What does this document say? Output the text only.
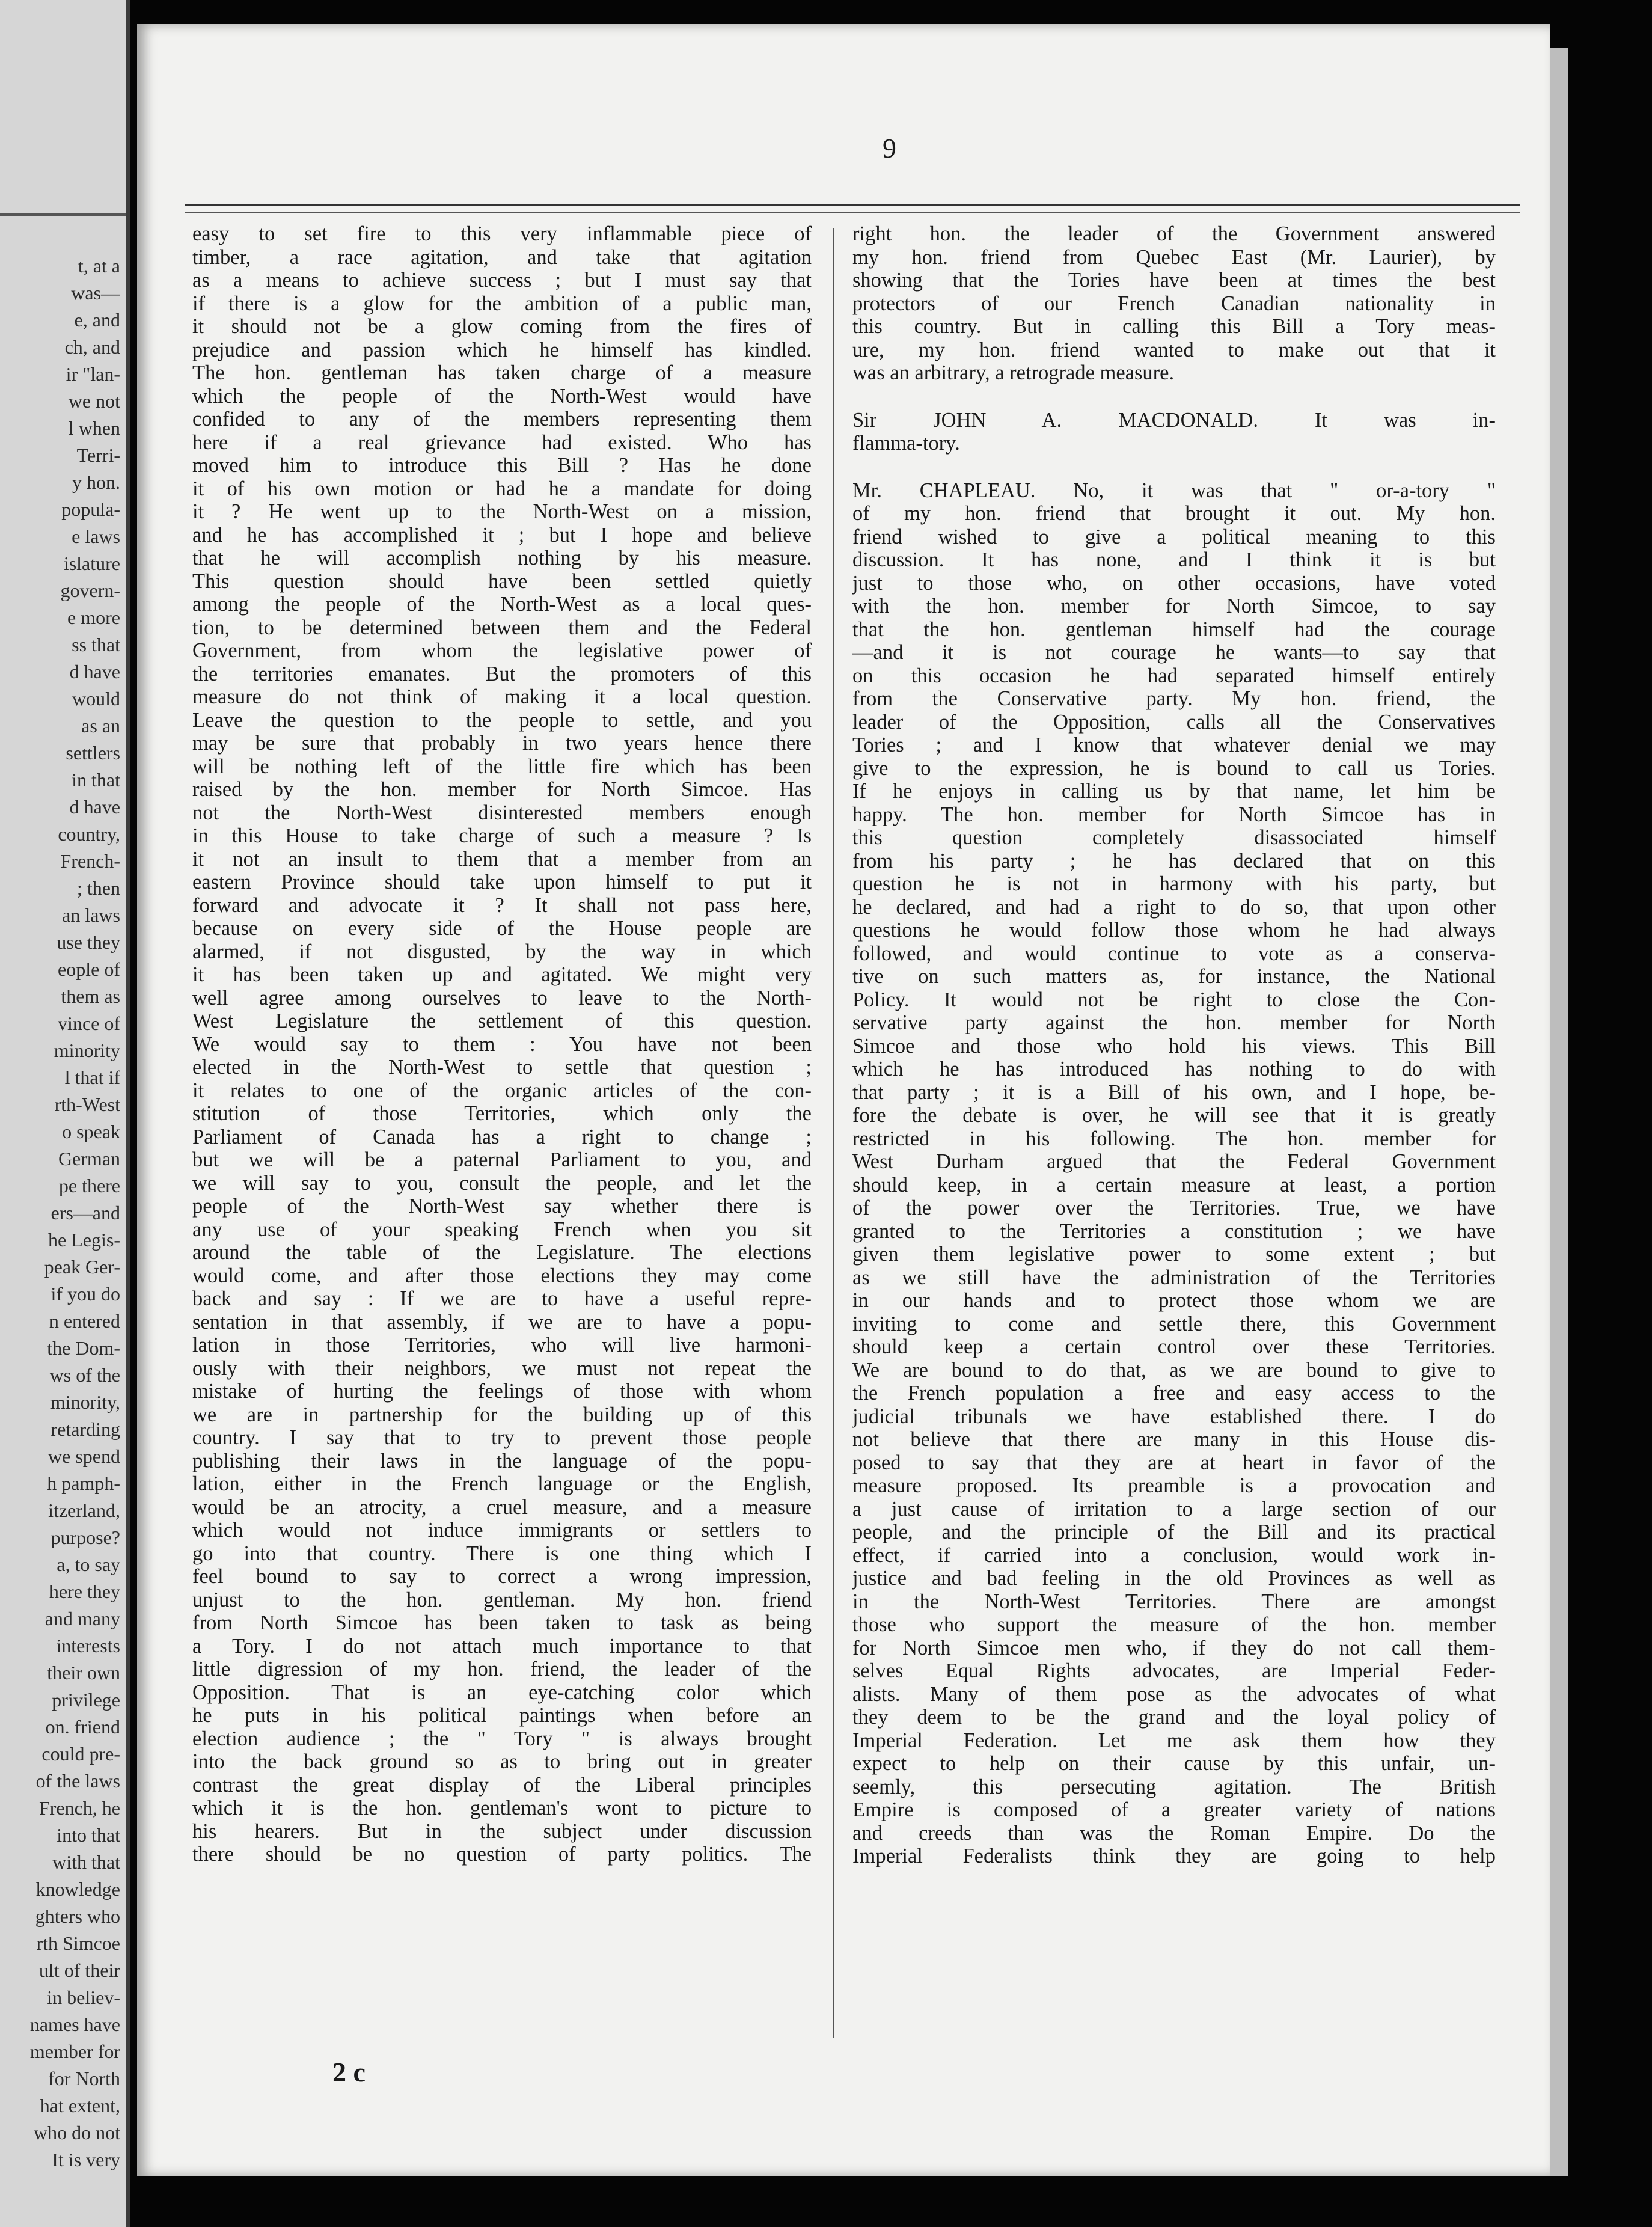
t, at a
was—
e, and
ch, and
ir "lan-
we not
l when
Terri-
y hon.
popula-
e laws
islature
govern-
e more
ss that
d have
would
as an
settlers
in that
d have
country,
French-
; then
an laws
use they
eople of
them as
vince of
minority
l that if
rth-West
o speak
German
pe there
ers—and
he Legis-
peak Ger-
if you do
n entered
the Dom-
ws of the
minority,
retarding
we spend
h pamph-
itzerland,
purpose?
a, to say
here they
and many
interests
their own
privilege
on. friend
could pre-
of the laws
French, he
into that
with that
knowledge
ghters who
rth Simcoe
ult of their
in believ-
names have
member for
for North
hat extent,
who do not
It is very
9
easy to set fire to this very inflammable piece of
timber, a race agitation, and take that agitation
as a means to achieve success ; but I must say that
if there is a glow for the ambition of a public man,
it should not be a glow coming from the fires of
prejudice and passion which he himself has kindled.
The hon. gentleman has taken charge of a measure
which the people of the North-West would have
confided to any of the members representing them
here if a real grievance had existed. Who has
moved him to introduce this Bill ? Has he done
it of his own motion or had he a mandate for doing
it ? He went up to the North-West on a mission,
and he has accomplished it ; but I hope and believe
that he will accomplish nothing by his measure.
This question should have been settled quietly
among the people of the North-West as a local ques-
tion, to be determined between them and the Federal
Government, from whom the legislative power of
the territories emanates. But the promoters of this
measure do not think of making it a local question.
Leave the question to the people to settle, and you
may be sure that probably in two years hence there
will be nothing left of the little fire which has been
raised by the hon. member for North Simcoe. Has
not the North-West disinterested members enough
in this House to take charge of such a measure ? Is
it not an insult to them that a member from an
eastern Province should take upon himself to put it
forward and advocate it ? It shall not pass here,
because on every side of the House people are
alarmed, if not disgusted, by the way in which
it has been taken up and agitated. We might very
well agree among ourselves to leave to the North-
West Legislature the settlement of this question.
We would say to them : You have not been
elected in the North-West to settle that question ;
it relates to one of the organic articles of the con-
stitution of those Territories, which only the
Parliament of Canada has a right to change ;
but we will be a paternal Parliament to you, and
we will say to you, consult the people, and let the
people of the North-West say whether there is
any use of your speaking French when you sit
around the table of the Legislature. The elections
would come, and after those elections they may come
back and say : If we are to have a useful repre-
sentation in that assembly, if we are to have a popu-
lation in those Territories, who will live harmoni-
ously with their neighbors, we must not repeat the
mistake of hurting the feelings of those with whom
we are in partnership for the building up of this
country. I say that to try to prevent those people
publishing their laws in the language of the popu-
lation, either in the French language or the English,
would be an atrocity, a cruel measure, and a measure
which would not induce immigrants or settlers to
go into that country. There is one thing which I
feel bound to say to correct a wrong impression,
unjust to the hon. gentleman. My hon. friend
from North Simcoe has been taken to task as being
a Tory. I do not attach much importance to that
little digression of my hon. friend, the leader of the
Opposition. That is an eye-catching color which
he puts in his political paintings when before an
election audience ; the " Tory " is always brought
into the back ground so as to bring out in greater
contrast the great display of the Liberal principles
which it is the hon. gentleman's wont to picture to
his hearers. But in the subject under discussion
there should be no question of party politics. The
right hon. the leader of the Government answered
my hon. friend from Quebec East (Mr. Laurier), by
showing that the Tories have been at times the best
protectors of our French Canadian nationality in
this country. But in calling this Bill a Tory meas-
ure, my hon. friend wanted to make out that it
was an arbitrary, a retrograde measure.
Sir JOHN A. MACDONALD. It was in-
flamma-tory.
Mr. CHAPLEAU. No, it was that " or-a-tory "
of my hon. friend that brought it out. My hon.
friend wished to give a political meaning to this
discussion. It has none, and I think it is but
just to those who, on other occasions, have voted
with the hon. member for North Simcoe, to say
that the hon. gentleman himself had the courage
—and it is not courage he wants—to say that
on this occasion he had separated himself entirely
from the Conservative party. My hon. friend, the
leader of the Opposition, calls all the Conservatives
Tories ; and I know that whatever denial we may
give to the expression, he is bound to call us Tories.
If he enjoys in calling us by that name, let him be
happy. The hon. member for North Simcoe has in
this question completely disassociated himself
from his party ; he has declared that on this
question he is not in harmony with his party, but
he declared, and had a right to do so, that upon other
questions he would follow those whom he had always
followed, and would continue to vote as a conserva-
tive on such matters as, for instance, the National
Policy. It would not be right to close the Con-
servative party against the hon. member for North
Simcoe and those who hold his views. This Bill
which he has introduced has nothing to do with
that party ; it is a Bill of his own, and I hope, be-
fore the debate is over, he will see that it is greatly
restricted in his following. The hon. member for
West Durham argued that the Federal Government
should keep, in a certain measure at least, a portion
of the power over the Territories. True, we have
granted to the Territories a constitution ; we have
given them legislative power to some extent ; but
as we still have the administration of the Territories
in our hands and to protect those whom we are
inviting to come and settle there, this Government
should keep a certain control over these Territories.
We are bound to do that, as we are bound to give to
the French population a free and easy access to the
judicial tribunals we have established there. I do
not believe that there are many in this House dis-
posed to say that they are at heart in favor of the
measure proposed. Its preamble is a provocation and
a just cause of irritation to a large section of our
people, and the principle of the Bill and its practical
effect, if carried into a conclusion, would work in-
justice and bad feeling in the old Provinces as well as
in the North-West Territories. There are amongst
those who support the measure of the hon. member
for North Simcoe men who, if they do not call them-
selves Equal Rights advocates, are Imperial Feder-
alists. Many of them pose as the advocates of what
they deem to be the grand and the loyal policy of
Imperial Federation. Let me ask them how they
expect to help on their cause by this unfair, un-
seemly, this persecuting agitation. The British
Empire is composed of a greater variety of nations
and creeds than was the Roman Empire. Do the
Imperial Federalists think they are going to help
2 c
